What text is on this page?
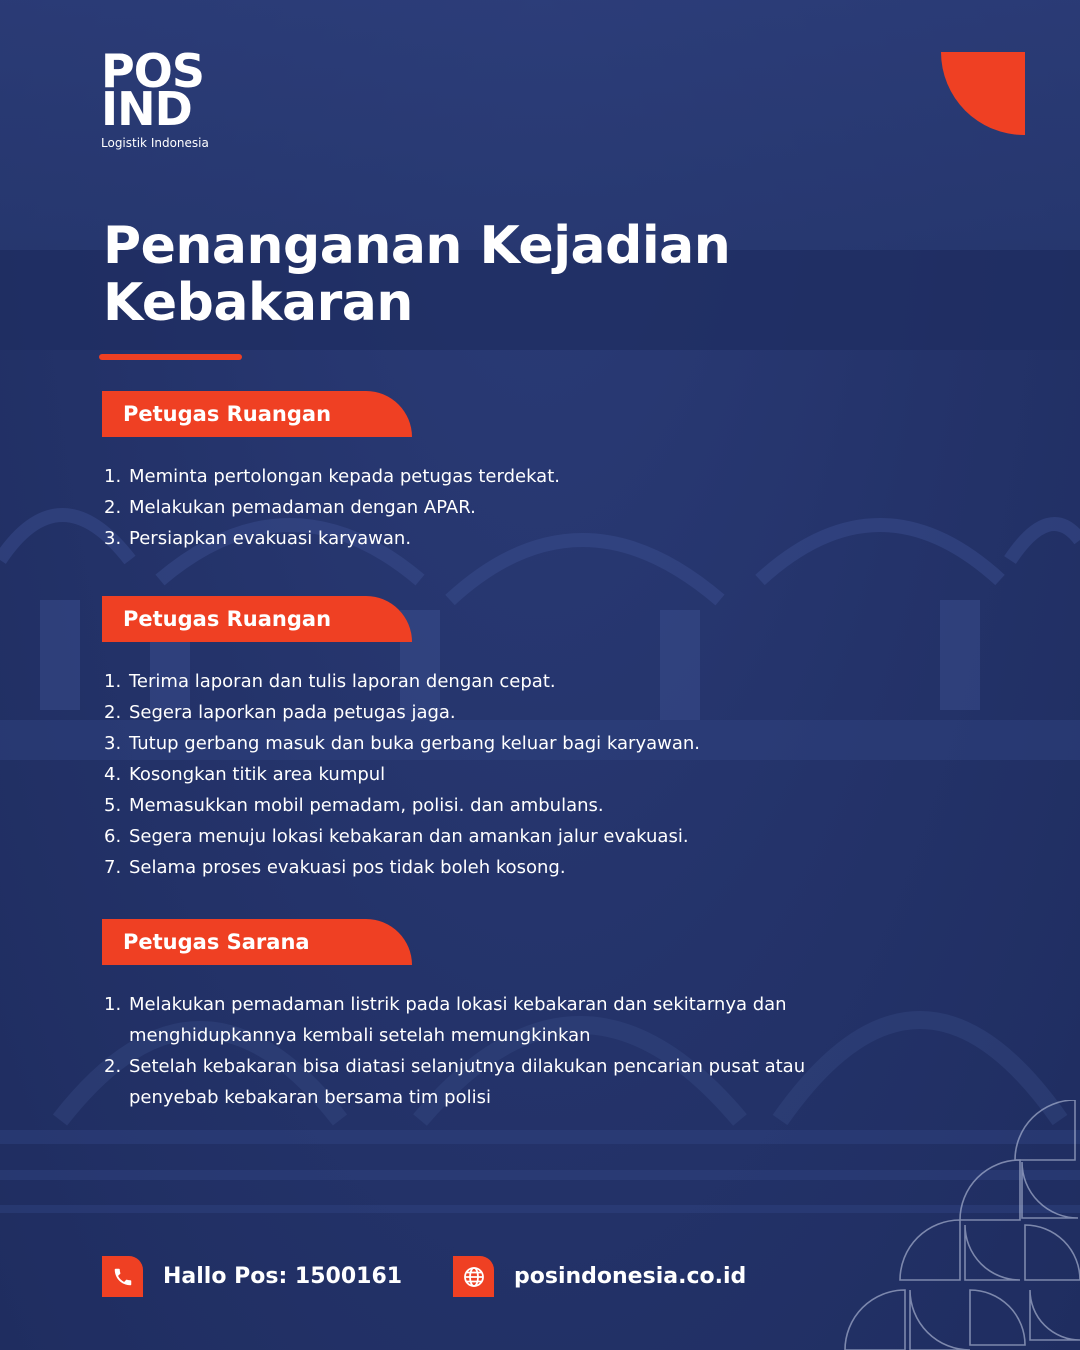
POS
IND
Logistik Indonesia
Penanganan Kejadian Kebakaran
Petugas Ruangan
1. Meminta pertolongan kepada petugas terdekat.
2. Melakukan pemadaman dengan APAR.
3. Persiapkan evakuasi karyawan.
Petugas Ruangan
1. Terima laporan dan tulis laporan dengan cepat.
2. Segera laporkan pada petugas jaga.
3. Tutup gerbang masuk dan buka gerbang keluar bagi karyawan.
4. Kosongkan titik area kumpul
5. Memasukkan mobil pemadam, polisi. dan ambulans.
6. Segera menuju lokasi kebakaran dan amankan jalur evakuasi.
7. Selama proses evakuasi pos tidak boleh kosong.
Petugas Sarana
1. Melakukan pemadaman listrik pada lokasi kebakaran dan sekitarnya dan menghidupkannya kembali setelah memungkinkan
2. Setelah kebakaran bisa diatasi selanjutnya dilakukan pencarian pusat atau penyebab kebakaran bersama tim polisi
Hallo Pos: 1500161	posindonesia.co.id
